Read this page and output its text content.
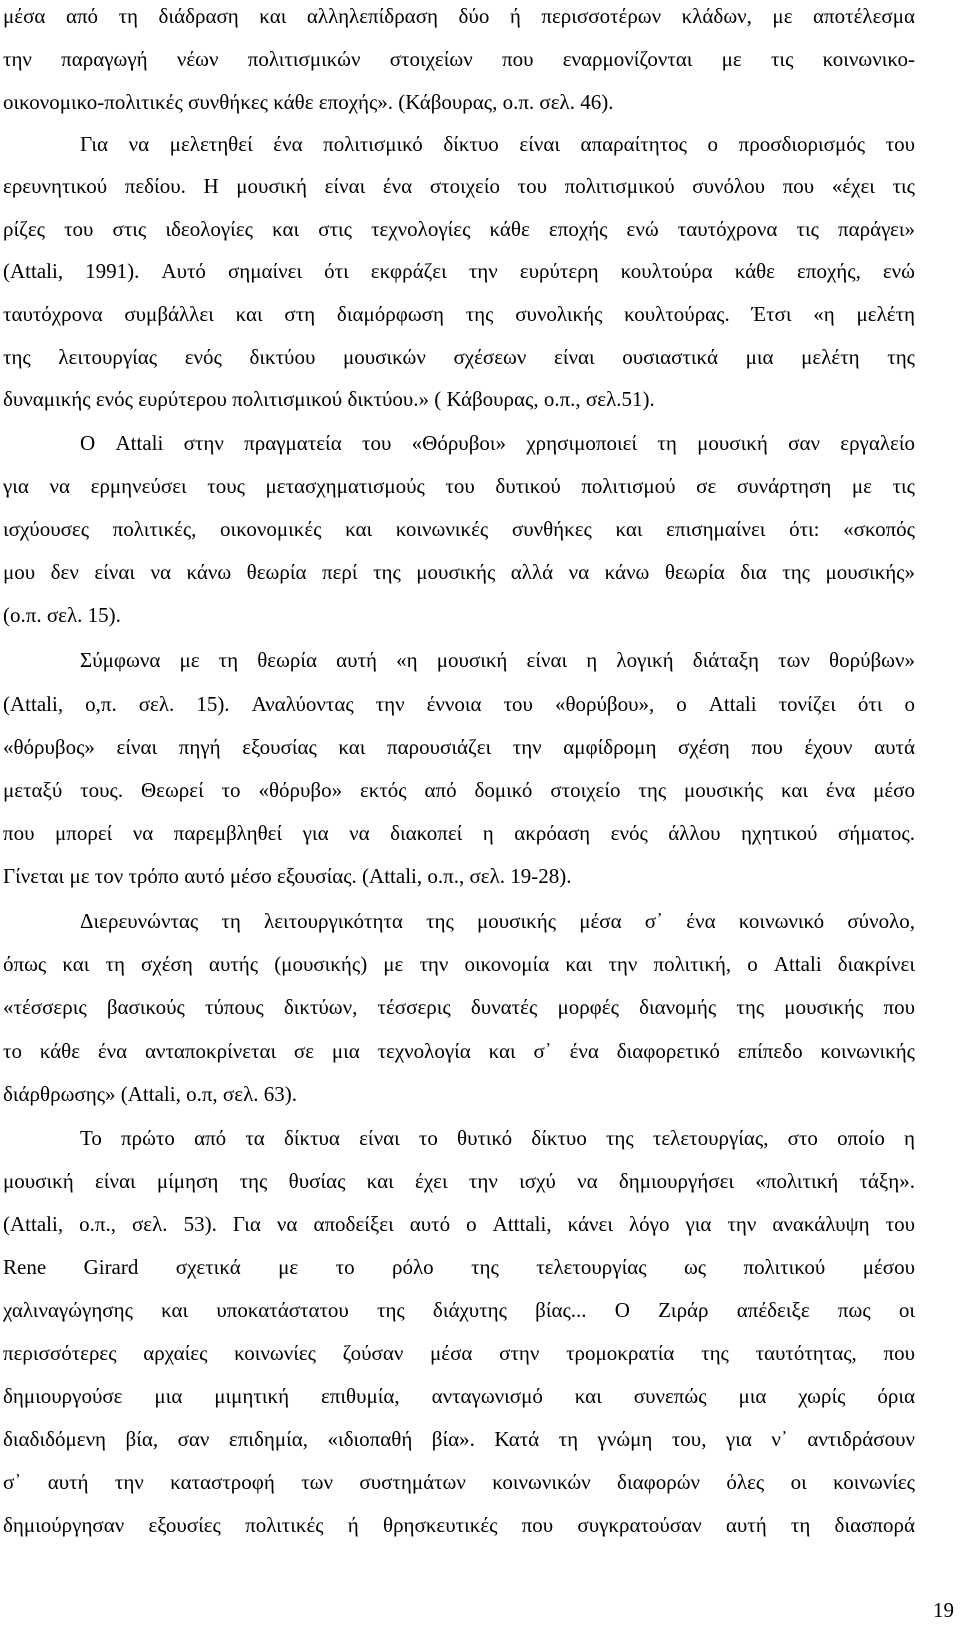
μέσα από τη διάδραση και αλληλεπίδραση δύο ή περισσοτέρων κλάδων, με αποτέλεσμα
την παραγωγή νέων πολιτισμικών στοιχείων που εναρμονίζονται με τις κοινωνικο-
οικονομικο-πολιτικές συνθήκες κάθε εποχής». (Κάβουρας, ο.π. σελ. 46).
Για να μελετηθεί ένα πολιτισμικό δίκτυο είναι απαραίτητος ο προσδιορισμός του
ερευνητικού πεδίου. Η μουσική είναι ένα στοιχείο του πολιτισμικού συνόλου που «έχει τις
ρίζες του στις ιδεολογίες και στις τεχνολογίες κάθε εποχής ενώ ταυτόχρονα τις παράγει»
(Attali, 1991). Αυτό σημαίνει ότι εκφράζει την ευρύτερη κουλτούρα κάθε εποχής, ενώ
ταυτόχρονα συμβάλλει και στη διαμόρφωση της συνολικής κουλτούρας. Έτσι «η μελέτη
της λειτουργίας ενός δικτύου μουσικών σχέσεων είναι ουσιαστικά μια μελέτη της
δυναμικής ενός ευρύτερου πολιτισμικού δικτύου.» ( Κάβουρας, ο.π., σελ.51).
Ο Attali στην πραγματεία του «Θόρυβοι» χρησιμοποιεί τη μουσική σαν εργαλείο
για να ερμηνεύσει τους μετασχηματισμούς του δυτικού πολιτισμού σε συνάρτηση με τις
ισχύουσες πολιτικές, οικονομικές και κοινωνικές συνθήκες και επισημαίνει ότι: «σκοπός
μου δεν είναι να κάνω θεωρία περί της μουσικής αλλά να κάνω θεωρία δια της μουσικής»
(ο.π. σελ. 15).
Σύμφωνα με τη θεωρία αυτή «η μουσική είναι η λογική διάταξη των θορύβων»
(Attali, ο,π. σελ. 15). Αναλύοντας την έννοια του «θορύβου», ο Attali τονίζει ότι ο
«θόρυβος» είναι πηγή εξουσίας και παρουσιάζει την αμφίδρομη σχέση που έχουν αυτά
μεταξύ τους. Θεωρεί το «θόρυβο» εκτός από δομικό στοιχείο της μουσικής και ένα μέσο
που μπορεί να παρεμβληθεί για να διακοπεί η ακρόαση ενός άλλου ηχητικού σήματος.
Γίνεται με τον τρόπο αυτό μέσο εξουσίας. (Attali, ο.π., σελ. 19-28).
Διερευνώντας τη λειτουργικότητα της μουσικής μέσα σ᾽ ένα κοινωνικό σύνολο,
όπως και τη σχέση αυτής (μουσικής) με την οικονομία και την πολιτική, ο Attali διακρίνει
«τέσσερις βασικούς τύπους δικτύων, τέσσερις δυνατές μορφές διανομής της μουσικής που
το κάθε ένα ανταποκρίνεται σε μια τεχνολογία και σ᾽ ένα διαφορετικό επίπεδο κοινωνικής
διάρθρωσης» (Attali, ο.π, σελ. 63).
Το πρώτο από τα δίκτυα είναι το θυτικό δίκτυο της τελετουργίας, στο οποίο η
μουσική είναι μίμηση της θυσίας και έχει την ισχύ να δημιουργήσει «πολιτική τάξη».
(Attali, ο.π., σελ. 53). Για να αποδείξει αυτό ο Atttali, κάνει λόγο για την ανακάλυψη του
Rene Girard σχετικά με το ρόλο της τελετουργίας ως πολιτικού μέσου
χαλιναγώγησης και υποκατάστατου της διάχυτης βίας... Ο Ζιράρ απέδειξε πως οι
περισσότερες αρχαίες κοινωνίες ζούσαν μέσα στην τρομοκρατία της ταυτότητας, που
δημιουργούσε μια μιμητική επιθυμία, ανταγωνισμό και συνεπώς μια χωρίς όρια
διαδιδόμενη βία, σαν επιδημία, «ιδιοπαθή βία». Κατά τη γνώμη του, για ν᾽ αντιδράσουν
σ᾽ αυτή την καταστροφή των συστημάτων κοινωνικών διαφορών όλες οι κοινωνίες
δημιούργησαν εξουσίες πολιτικές ή θρησκευτικές που συγκρατούσαν αυτή τη διασπορά
19
